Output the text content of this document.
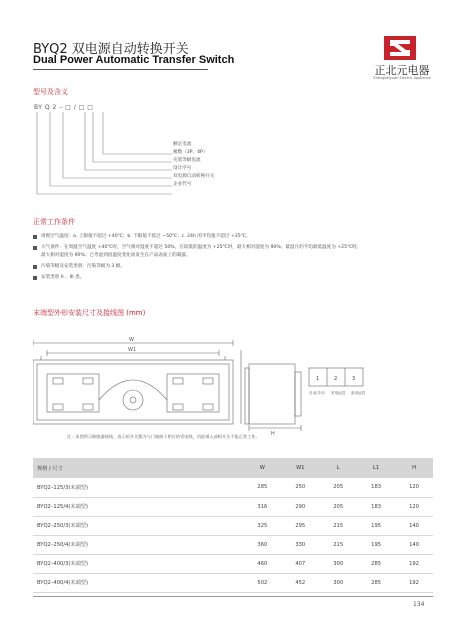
BYQ2 双电源自动转换开关
Dual Power Automatic Transfer Switch
正北元电器
Zhengbeiyuan Electric Appliance
型号及含义
BY Q 2 – □ / □ □
额定电流
极数（3P、4P）
壳架等级电流
设计序号
双电源自动转换开关
企业代号
正常工作条件
周围空气温度：a. 上限值不超过 +40℃；b. 下限值不低过 −50℃；c. 24h 的平均值不超过 +35℃。
大气条件：在周温空气温度 +40℃时，空气相对湿度不超过 50%，在较低的温度为 +25℃时，最大相对湿度为 90%；最湿月的平均最低温度为 +25℃时，
最大相对湿度为 90%；已考虑到因温度变化而发生在产品表面上的凝露。
污染等级及安装类别：污染等级为 3 级。
安装类别 II 、III 类。
末端型外形安装尺寸及接线图 (mm)
W
W1
H
1	2	3
自动/手动 常用远控 备用远控
注：本图所示断路器接线，表示的开关都为与门箱接于相应的零电线，用此端入部相开关不能正常工作。
规格 / 尺寸	W	W1	L	L1	H
BYQ2–125/3(末端型)	285	250	205	183	120
BYQ2–125/4(末端型)	316	290	205	183	120
BYQ2–250/3(末端型)	325	295	215	195	140
BYQ2–250/4(末端型)	360	330	215	195	140
BYQ2–400/3(末端型)	460	407	300	285	192
BYQ2–400/4(末端型)	502	452	300	285	192
134
